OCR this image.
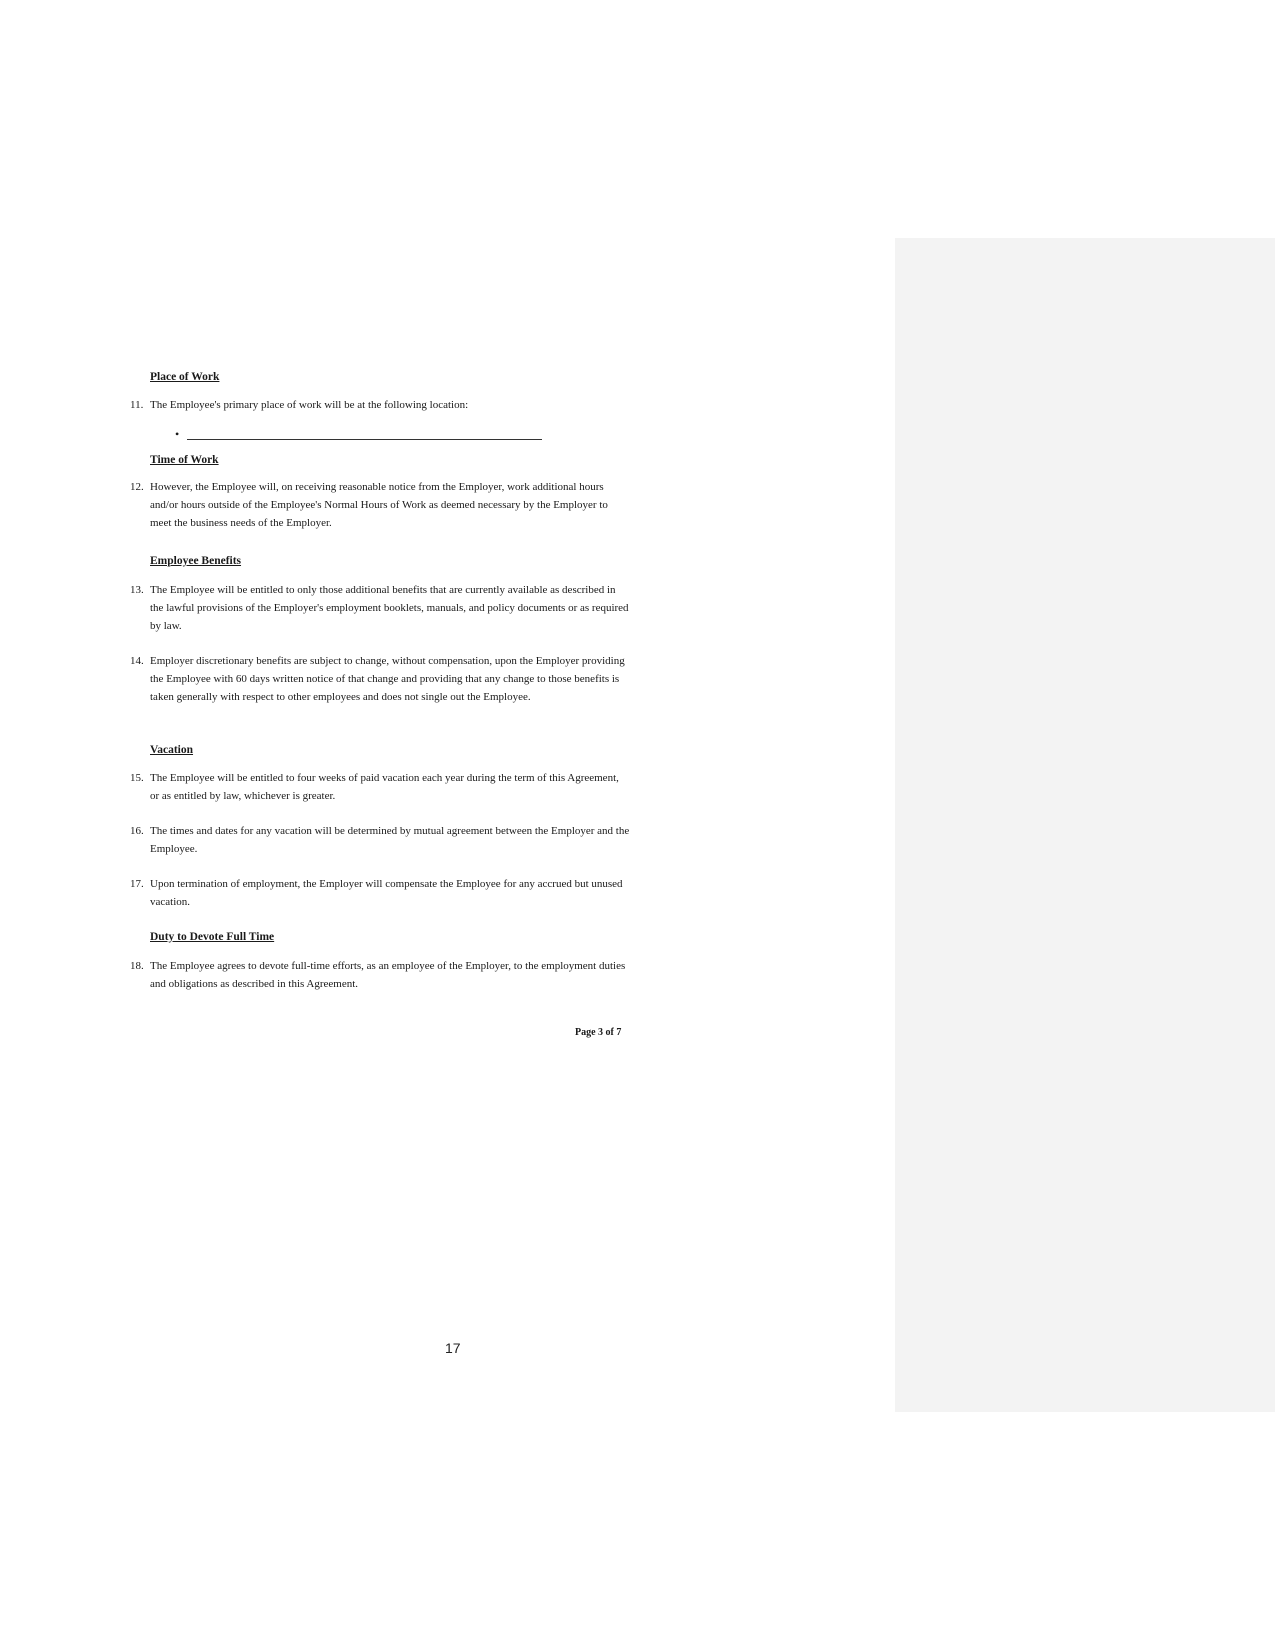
Place of Work
11. The Employee's primary place of work will be at the following location:
•
Time of Work
12. However, the Employee will, on receiving reasonable notice from the Employer, work additional hours and/or hours outside of the Employee's Normal Hours of Work as deemed necessary by the Employer to meet the business needs of the Employer.
Employee Benefits
13. The Employee will be entitled to only those additional benefits that are currently available as described in the lawful provisions of the Employer's employment booklets, manuals, and policy documents or as required by law.
14. Employer discretionary benefits are subject to change, without compensation, upon the Employer providing the Employee with 60 days written notice of that change and providing that any change to those benefits is taken generally with respect to other employees and does not single out the Employee.
Vacation
15. The Employee will be entitled to four weeks of paid vacation each year during the term of this Agreement, or as entitled by law, whichever is greater.
16. The times and dates for any vacation will be determined by mutual agreement between the Employer and the Employee.
17. Upon termination of employment, the Employer will compensate the Employee for any accrued but unused vacation.
Duty to Devote Full Time
18. The Employee agrees to devote full-time efforts, as an employee of the Employer, to the employment duties and obligations as described in this Agreement.
Page 3 of 7
17
